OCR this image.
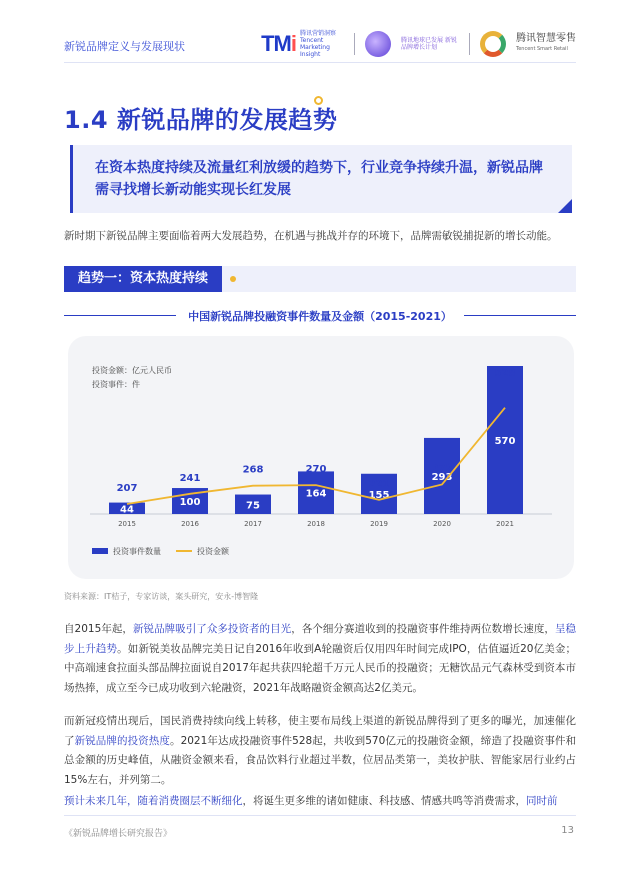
新锐品牌定义与发展现状	TMi 腾讯营销洞察 Tencent Marketing Insight
腾讯地球已发展 新锐品牌增长计划
腾讯智慧零售
Tencent Smart Retail
1.4 新锐品牌的发展趋势
在资本热度持续及流量红利放缓的趋势下，行业竞争持续升温，新锐品牌需寻找增长新动能实现长红发展
新时期下新锐品牌主要面临着两大发展趋势，在机遇与挑战并存的环境下，品牌需敏锐捕捉新的增长动能。
趋势一：资本热度持续
中国新锐品牌投融资事件数量及金额（2015-2021）
投资金额：亿元人民币
投资事件：件
44
2015
100
2016
75
2017
164
2018
155
2019
293
2020
570
2021
207
241
268	270
221
272
528
投资事件数量	投资金额
资料来源：IT桔子，专家访谈，案头研究，安永-博智隆
自2015年起，新锐品牌吸引了众多投资者的目光，各个细分赛道收到的投融资事件维持两位数增长速度，呈稳步上升趋势。如新锐美妆品牌完美日记自2016年收到A轮融资后仅用四年时间完成IPO，估值逼近20亿美金；中高端速食拉面头部品牌拉面说自2017年起共获四轮超千万元人民币的投融资；无糖饮品元气森林受到资本市场热捧，成立至今已成功收到六轮融资，2021年战略融资金额高达2亿美元。
而新冠疫情出现后，国民消费持续向线上转移，使主要布局线上渠道的新锐品牌得到了更多的曝光，加速催化了新锐品牌的投资热度。2021年达成投融资事件528起，共收到570亿元的投融资金额，缔造了投融资事件和总金额的历史峰值，从融资金额来看，食品饮料行业超过半数，位居品类第一，美妆护肤、智能家居行业约占15%左右，并列第二。
预计未来几年，随着消费圈层不断细化，将诞生更多维的诸如健康、科技感、情感共鸣等消费需求，同时前
《新锐品牌增长研究报告》	13
